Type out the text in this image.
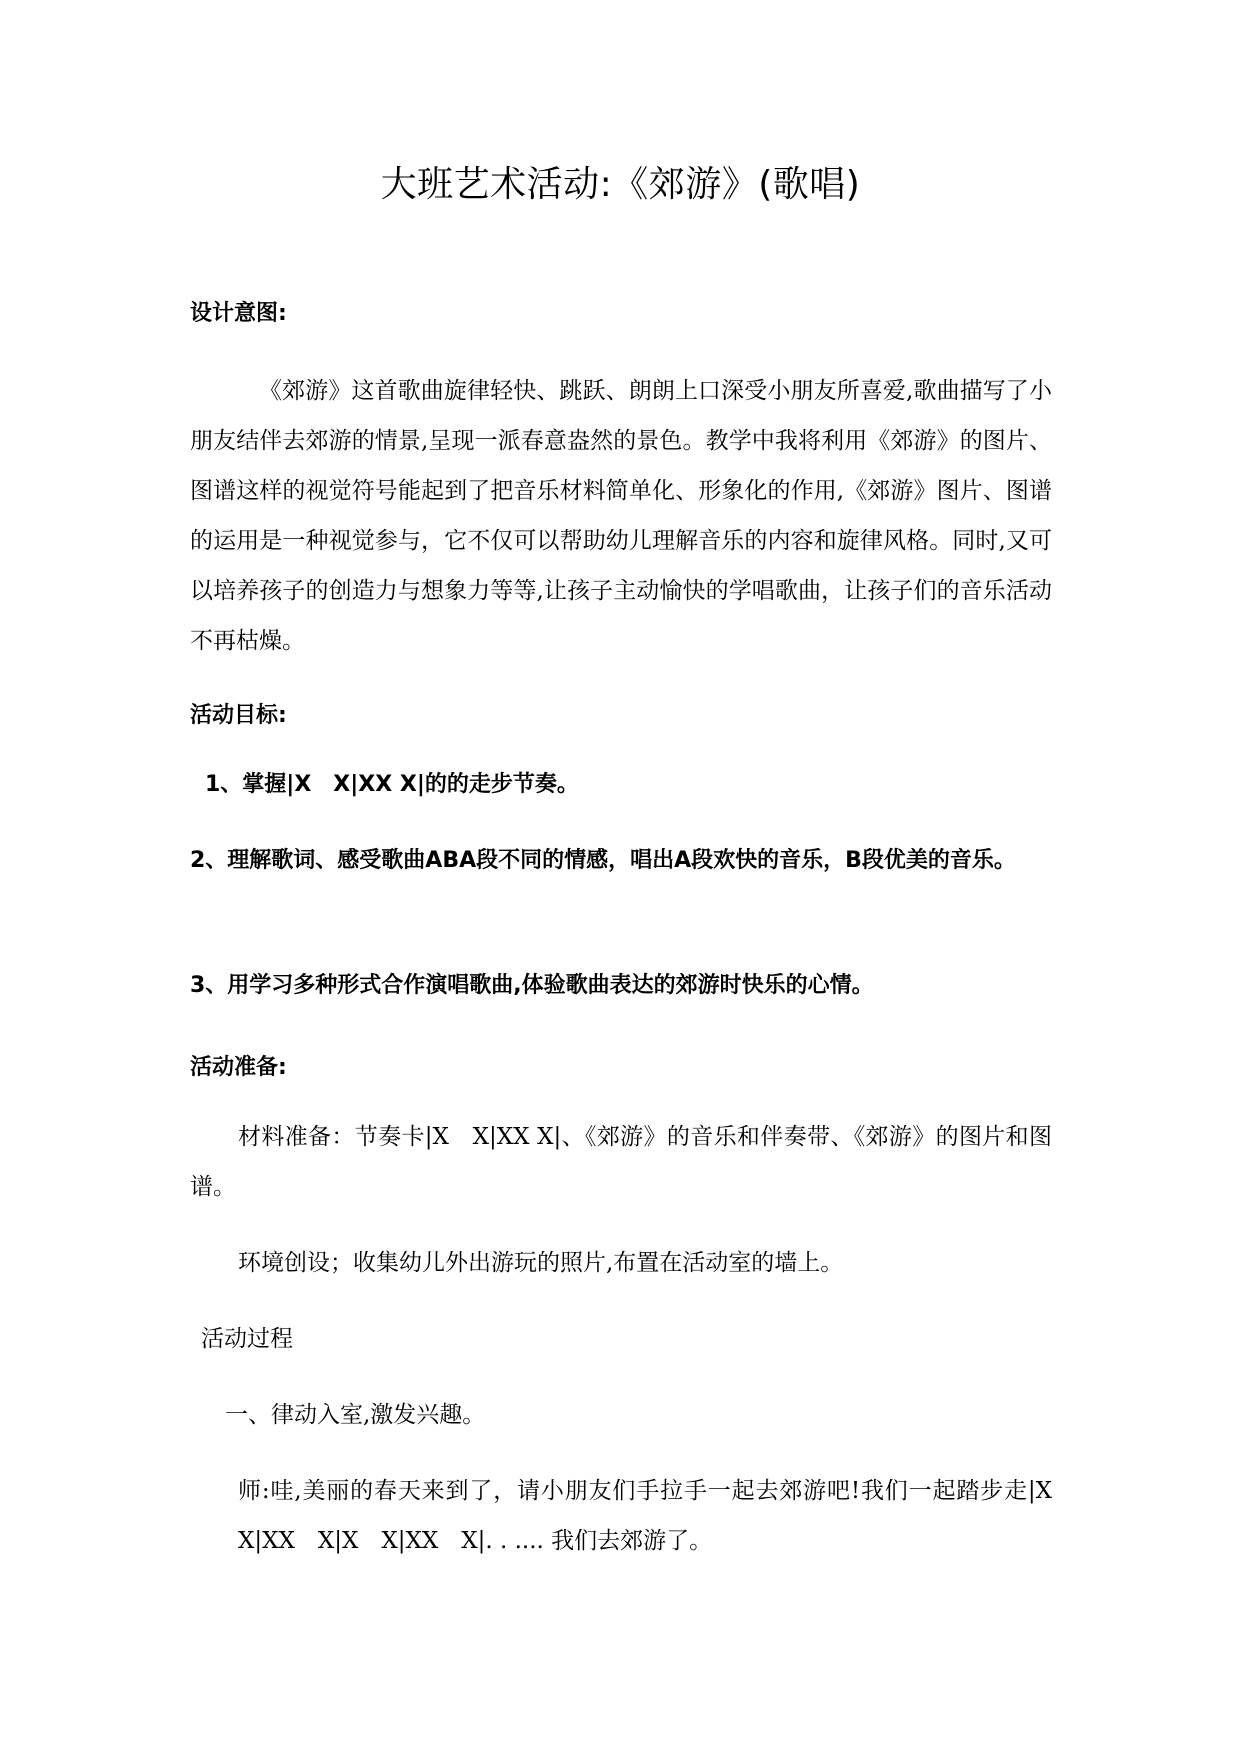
大班艺术活动:《郊游》(歌唱)
设计意图:
《郊游》这首歌曲旋律轻快、跳跃、朗朗上口深受小朋友所喜爱,歌曲描写了小朋友结伴去郊游的情景,呈现一派春意盎然的景色。教学中我将利用《郊游》的图片、图谱这样的视觉符号能起到了把音乐材料简单化、形象化的作用,《郊游》图片、图谱的运用是一种视觉参与，它不仅可以帮助幼儿理解音乐的内容和旋律风格。同时,又可以培养孩子的创造力与想象力等等,让孩子主动愉快的学唱歌曲，让孩子们的音乐活动不再枯燥。
活动目标:
1、掌握|X　X|XX X|的的走步节奏。
2、理解歌词、感受歌曲ABA段不同的情感，唱出A段欢快的音乐，B段优美的音乐。
3、用学习多种形式合作演唱歌曲,体验歌曲表达的郊游时快乐的心情。
活动准备:
材料准备：节奏卡|X　X|XX X|、《郊游》的音乐和伴奏带、《郊游》的图片和图谱。
环境创设；收集幼儿外出游玩的照片,布置在活动室的墙上。
活动过程
一、律动入室,激发兴趣。
师:哇,美丽的春天来到了，请小朋友们手拉手一起去郊游吧!我们一起踏步走|X　X|XX　X|X　X|XX　X|. . .... 我们去郊游了。
